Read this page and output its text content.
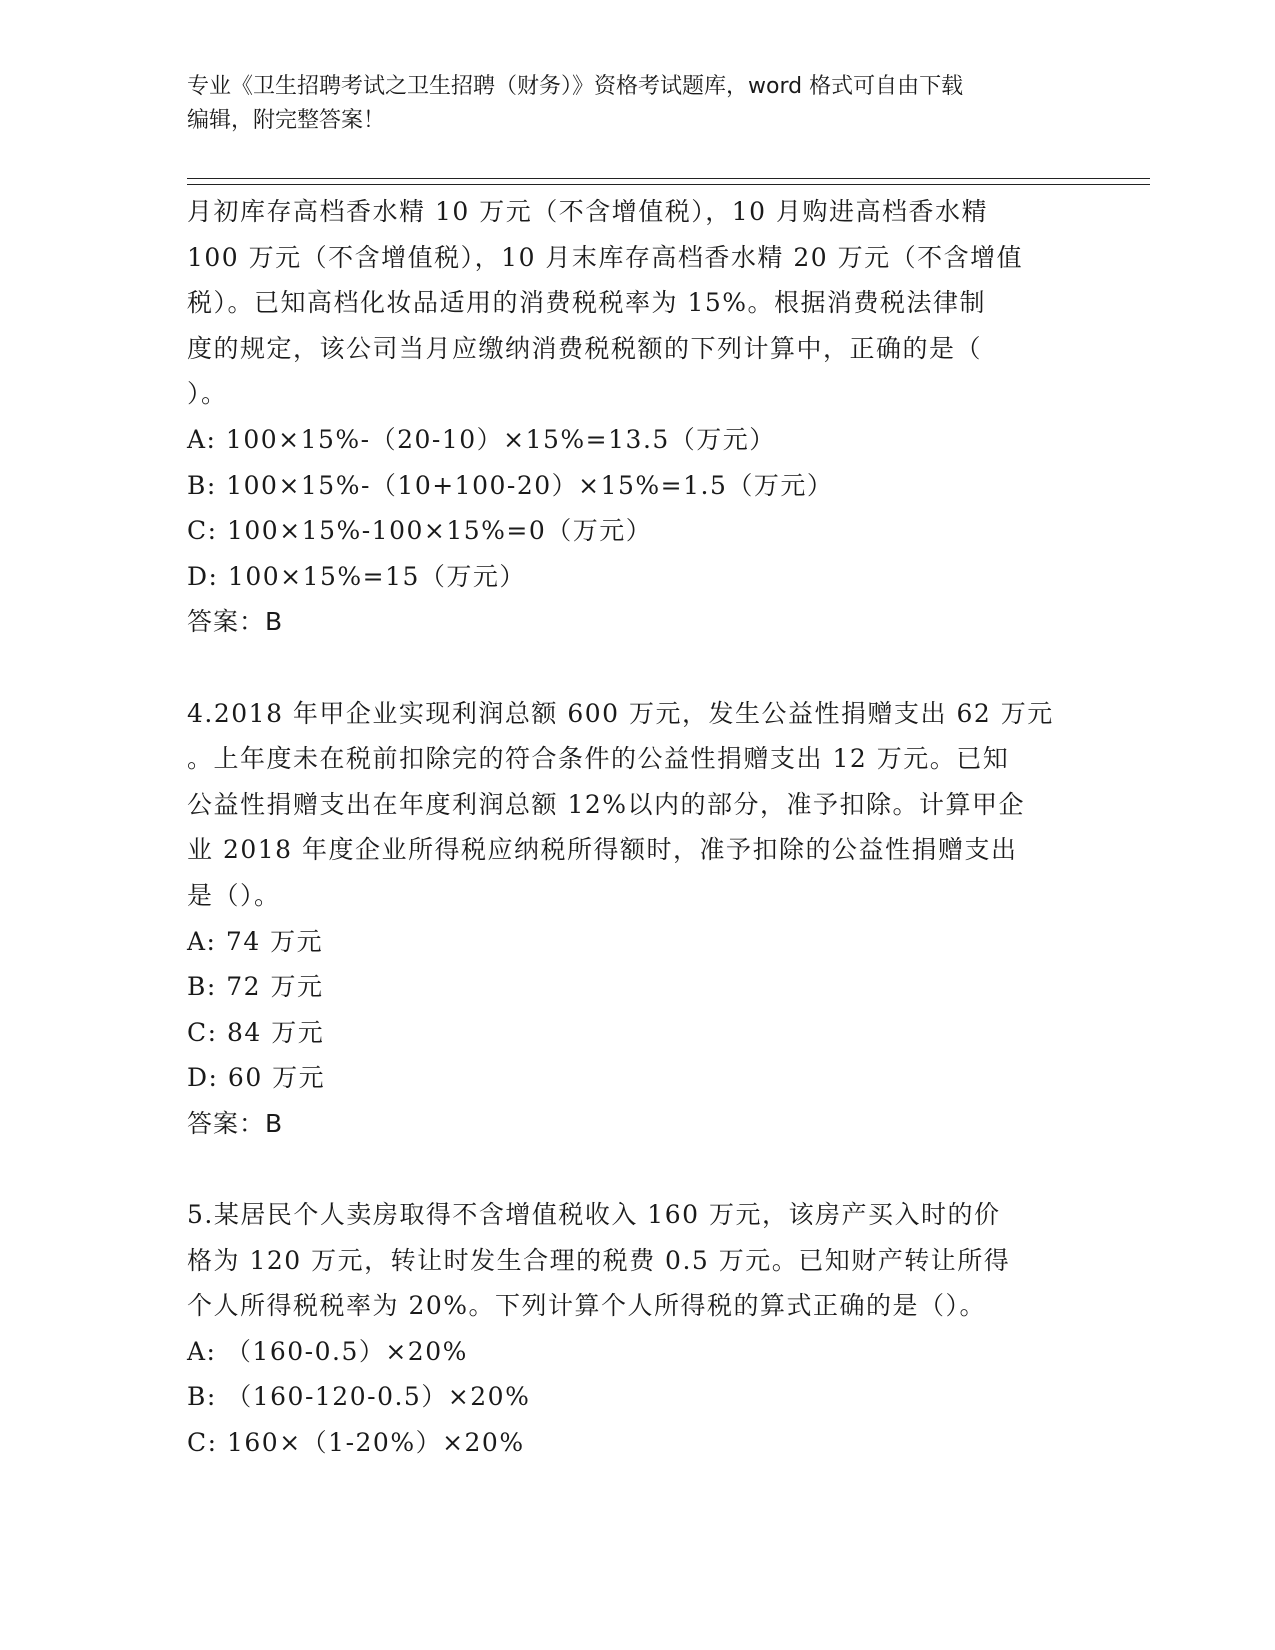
专业《卫生招聘考试之卫生招聘（财务）》资格考试题库，word 格式可自由下载
编辑，附完整答案！

月初库存高档香水精 10 万元（不含增值税），10 月购进高档香水精

100 万元（不含增值税），10 月末库存高档香水精 20 万元（不含增值

税）。已知高档化妆品适用的消费税税率为 15%。根据消费税法律制

度的规定，该公司当月应缴纳消费税税额的下列计算中，正确的是（

）。

A: 100×15%-（20-10）×15%=13.5（万元）

B: 100×15%-（10+100-20）×15%=1.5（万元）

C: 100×15%-100×15%=0（万元）

D: 100×15%=15（万元）

答案：B

4.2018 年甲企业实现利润总额 600 万元，发生公益性捐赠支出 62 万元

。上年度未在税前扣除完的符合条件的公益性捐赠支出 12 万元。已知

公益性捐赠支出在年度利润总额 12%以内的部分，准予扣除。计算甲企

业 2018 年度企业所得税应纳税所得额时，准予扣除的公益性捐赠支出

是（）。

A: 74 万元

B: 72 万元

C: 84 万元

D: 60 万元

答案：B

5.某居民个人卖房取得不含增值税收入 160 万元，该房产买入时的价

格为 120 万元，转让时发生合理的税费 0.5 万元。已知财产转让所得

个人所得税税率为 20%。下列计算个人所得税的算式正确的是（）。

A: （160-0.5）×20%

B: （160-120-0.5）×20%

C: 160×（1-20%）×20%
